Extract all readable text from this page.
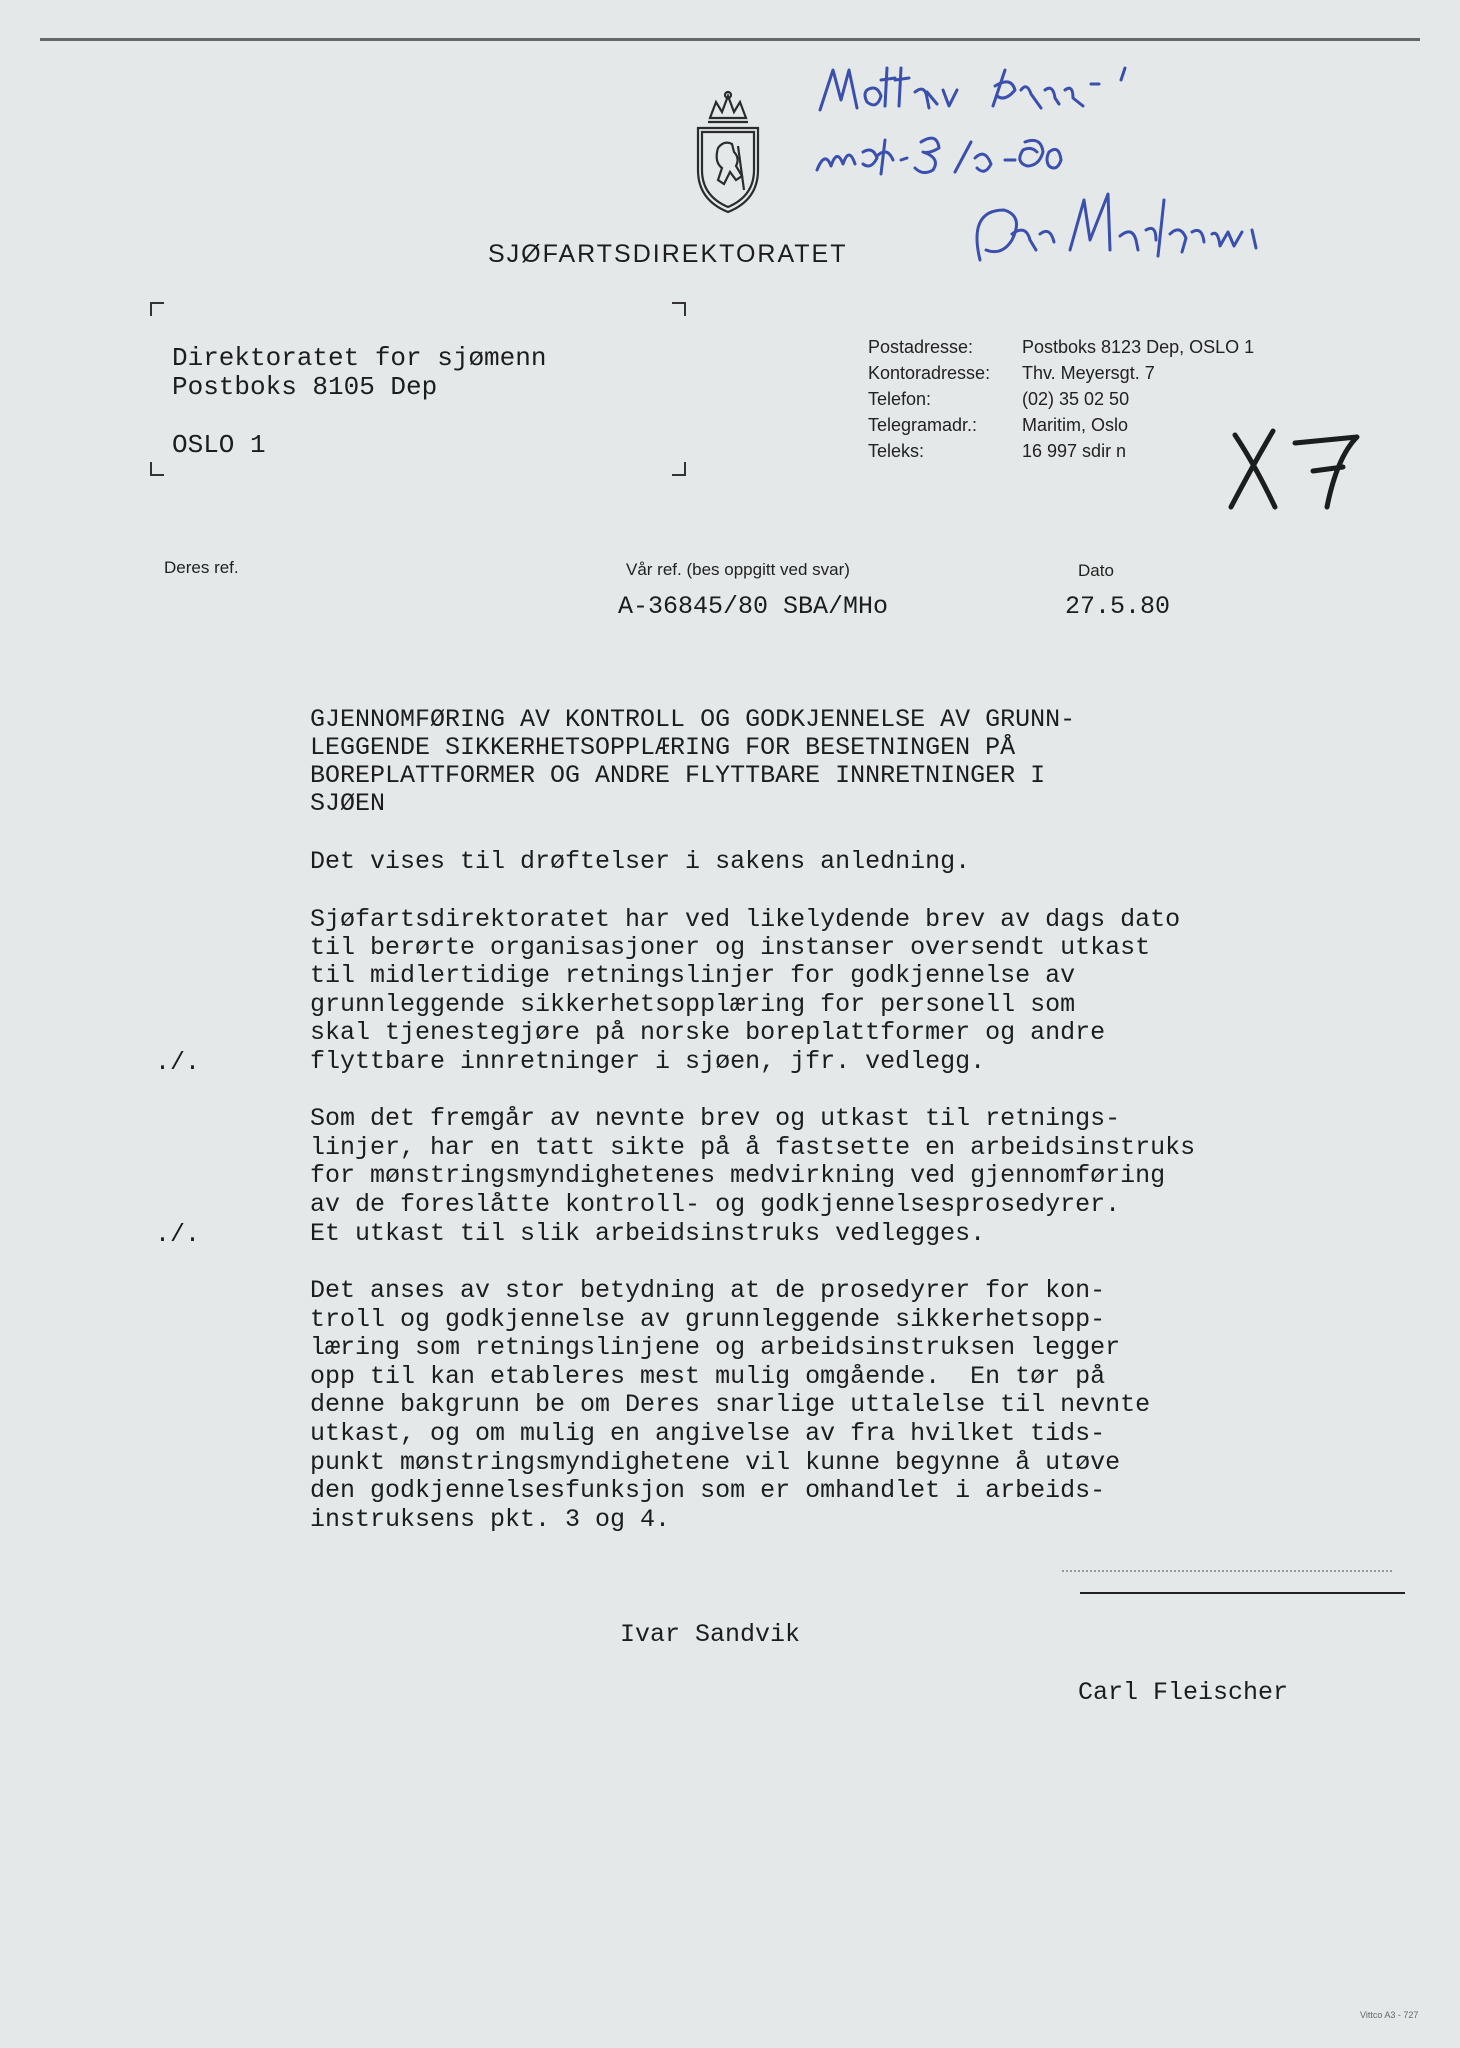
SJØFARTSDIREKTORATET
Direktoratet for sjømenn
Postboks 8105 Dep
OSLO 1
Postadresse:	Postboks 8123 Dep, OSLO 1
Kontoradresse: Thv. Meyersgt. 7
Telefon:	(02) 35 02 50
Telegramadr.: Maritim, Oslo
Teleks:	16 997 sdir n
Deres ref.	Vår ref. (bes oppgitt ved svar)
A-36845/80 SBA/MHo
Dato
27.5.80
GJENNOMFØRING AV KONTROLL OG GODKJENNELSE AV GRUNN-
LEGGENDE SIKKERHETSOPPLÆRING FOR BESETNINGEN PÅ
BOREPLATTFORMER OG ANDRE FLYTTBARE INNRETNINGER I
SJØEN
Det vises til drøftelser i sakens anledning.
Sjøfartsdirektoratet har ved likelydende brev av dags dato
til berørte organisasjoner og instanser oversendt utkast
til midlertidige retningslinjer for godkjennelse av
grunnleggende sikkerhetsopplæring for personell som
skal tjenestegjøre på norske boreplattformer og andre
flyttbare innretninger i sjøen, jfr. vedlegg.
./.
Som det fremgår av nevnte brev og utkast til retnings-
linjer, har en tatt sikte på å fastsette en arbeidsinstruks
for mønstringsmyndighetenes medvirkning ved gjennomføring
av de foreslåtte kontroll- og godkjennelsesprosedyrer.
Et utkast til slik arbeidsinstruks vedlegges.
./.
Det anses av stor betydning at de prosedyrer for kon-
troll og godkjennelse av grunnleggende sikkerhetsopp-
læring som retningslinjene og arbeidsinstruksen legger
opp til kan etableres mest mulig omgående.  En tør på
denne bakgrunn be om Deres snarlige uttalelse til nevnte
utkast, og om mulig en angivelse av fra hvilket tids-
punkt mønstringsmyndighetene vil kunne begynne å utøve
den godkjennelsesfunksjon som er omhandlet i arbeids-
instruksens pkt. 3 og 4.
Ivar Sandvik
Carl Fleischer
Vittco A3 - 727
